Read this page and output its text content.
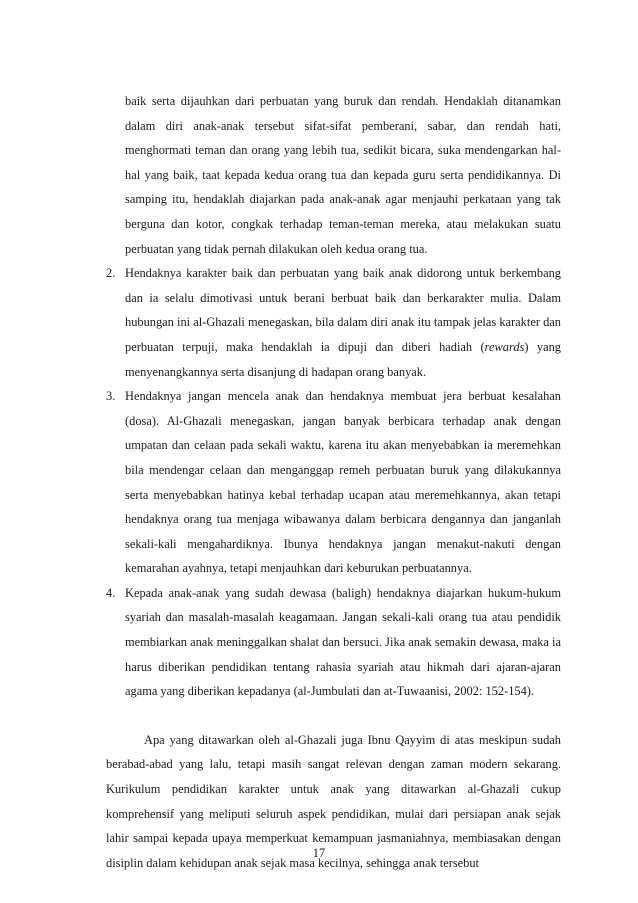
baik serta dijauhkan dari perbuatan yang buruk dan rendah. Hendaklah ditanamkan dalam diri anak-anak tersebut sifat-sifat pemberani, sabar, dan rendah hati, menghormati teman dan orang yang lebih tua, sedikit bicara, suka mendengarkan hal-hal yang baik, taat kepada kedua orang tua dan kepada guru serta pendidikannya. Di samping itu, hendaklah diajarkan pada anak-anak agar menjauhi perkataan yang tak berguna dan kotor, congkak terhadap teman-teman mereka, atau melakukan suatu perbuatan yang tidak pernah dilakukan oleh kedua orang tua.

2. Hendaknya karakter baik dan perbuatan yang baik anak didorong untuk berkembang dan ia selalu dimotivasi untuk berani berbuat baik dan berkarakter mulia. Dalam hubungan ini al-Ghazali menegaskan, bila dalam diri anak itu tampak jelas karakter dan perbuatan terpuji, maka hendaklah ia dipuji dan diberi hadiah (rewards) yang menyenangkannya serta disanjung di hadapan orang banyak.
3. Hendaknya jangan mencela anak dan hendaknya membuat jera berbuat kesalahan (dosa). Al-Ghazali menegaskan, jangan banyak berbicara terhadap anak dengan umpatan dan celaan pada sekali waktu, karena itu akan menyebabkan ia meremehkan bila mendengar celaan dan menganggap remeh perbuatan buruk yang dilakukannya serta menyebabkan hatinya kebal terhadap ucapan atau meremehkannya, akan tetapi hendaknya orang tua menjaga wibawanya dalam berbicara dengannya dan janganlah sekali-kali mengahardiknya. Ibunya hendaknya jangan menakut-nakuti dengan kemarahan ayahnya, tetapi menjauhkan dari keburukan perbuatannya.
4. Kepada anak-anak yang sudah dewasa (baligh) hendaknya diajarkan hukum-hukum syariah dan masalah-masalah keagamaan. Jangan sekali-kali orang tua atau pendidik membiarkan anak meninggalkan shalat dan bersuci. Jika anak semakin dewasa, maka ia harus diberikan pendidikan tentang rahasia syariah atau hikmah dari ajaran-ajaran agama yang diberikan kepadanya (al-Jumbulati dan at-Tuwaanisi, 2002: 152-154).

Apa yang ditawarkan oleh al-Ghazali juga Ibnu Qayyim di atas meskipun sudah berabad-abad yang lalu, tetapi masih sangat relevan dengan zaman modern sekarang. Kurikulum pendidikan karakter untuk anak yang ditawarkan al-Ghazali cukup komprehensif yang meliputi seluruh aspek pendidikan, mulai dari persiapan anak sejak lahir sampai kepada upaya memperkuat kemampuan jasmaniahnya, membiasakan dengan disiplin dalam kehidupan anak sejak masa kecilnya, sehingga anak tersebut

17
